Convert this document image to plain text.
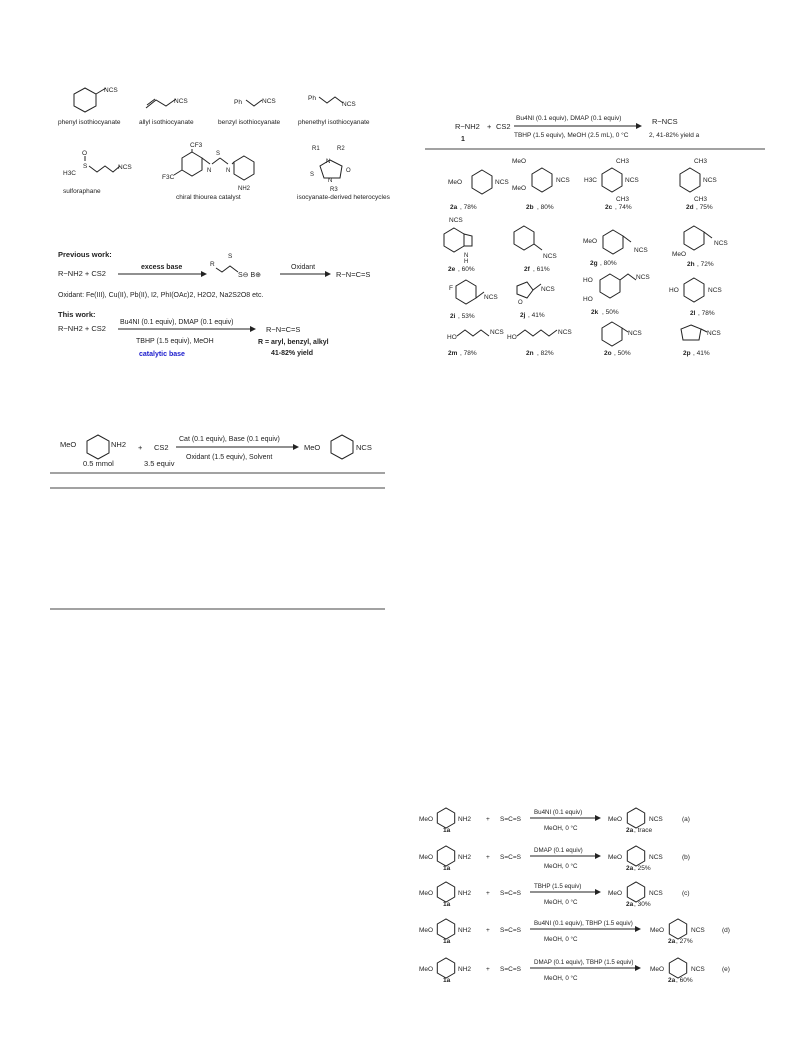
NCS
phenyl isothiocyanate
NCS
allyl isothiocyanate
Ph	NCS
benzyl isothiocyanate
Ph
NCS
phenethyl isothiocyanate
H3C
S
O
NCS
sulforaphane
CF3
F3C
N
S
N
NH2
chiral thiourea catalyst
R1	R2
N
N
S
O
R3
isocyanate-derived heterocycles
Previous work:
R−NH2 + CS2
excess base	R
S
S⊖ B⊕
Oxidant
R−N=C=S
Oxidant: Fe(III), Cu(II), Pb(II), I2, PhI(OAc)2, H2O2, Na2S2O8 etc.
This work:
R−NH2 + CS2
Bu4NI (0.1 equiv), DMAP (0.1 equiv)
TBHP (1.5 equiv), MeOH
catalytic base
R−N=C=S
R = aryl, benzyl, alkyl
41-82% yield
MeO	NH2
0.5 mmol
+ CS2
3.5 equiv
Cat (0.1 equiv), Base (0.1 equiv)
Oxidant (1.5 equiv), Solvent
MeO	NCS
R−NH2 + CS2
1
Bu4NI (0.1 equiv), DMAP (0.1 equiv)
TBHP (1.5 equiv), MeOH (2.5 mL), 0 °C
R−NCS
2, 41-82% yield a
MeO	NCS
2a , 78%
MeO
MeO
NCS
2b , 80%
CH3
H3C	NCS
CH3
2c , 74%
CH3
NCS
CH3
2d , 75%
NCS
N
H
2e , 60%
NCS
2f , 61%
MeO
NCS
2g , 80%
NCS
MeO
2h , 72%
F
NCS
2i , 53%
O
NCS
2j , 41%
HO
HO
NCS
2k , 50%
HO	NCS
2l , 78%
HO
NCS
2m , 78%
HO
NCS
2n , 82%
NCS
2o , 50%
NCS
2p , 41%
MeO	NH2
1a
+ S=C=S
Bu4NI (0.1 equiv)
MeOH, 0 °C
MeO	NCS
2a , trace
(a)
MeO	NH2
1a
+ S=C=S
DMAP (0.1 equiv)
MeOH, 0 °C
MeO	NCS
2a , 25%
(b)
MeO	NH2
1a
+ S=C=S
TBHP (1.5 equiv)
MeOH, 0 °C
MeO	NCS
2a , 30%
(c)
MeO	NH2
1a
+ S=C=S
Bu4NI (0.1 equiv), TBHP (1.5 equiv)
MeOH, 0 °C
MeO	NCS
2a , 27%
(d)
MeO	NH2
1a
+ S=C=S
DMAP (0.1 equiv), TBHP (1.5 equiv)
MeOH, 0 °C
MeO	NCS
2a , 60%
(e)
